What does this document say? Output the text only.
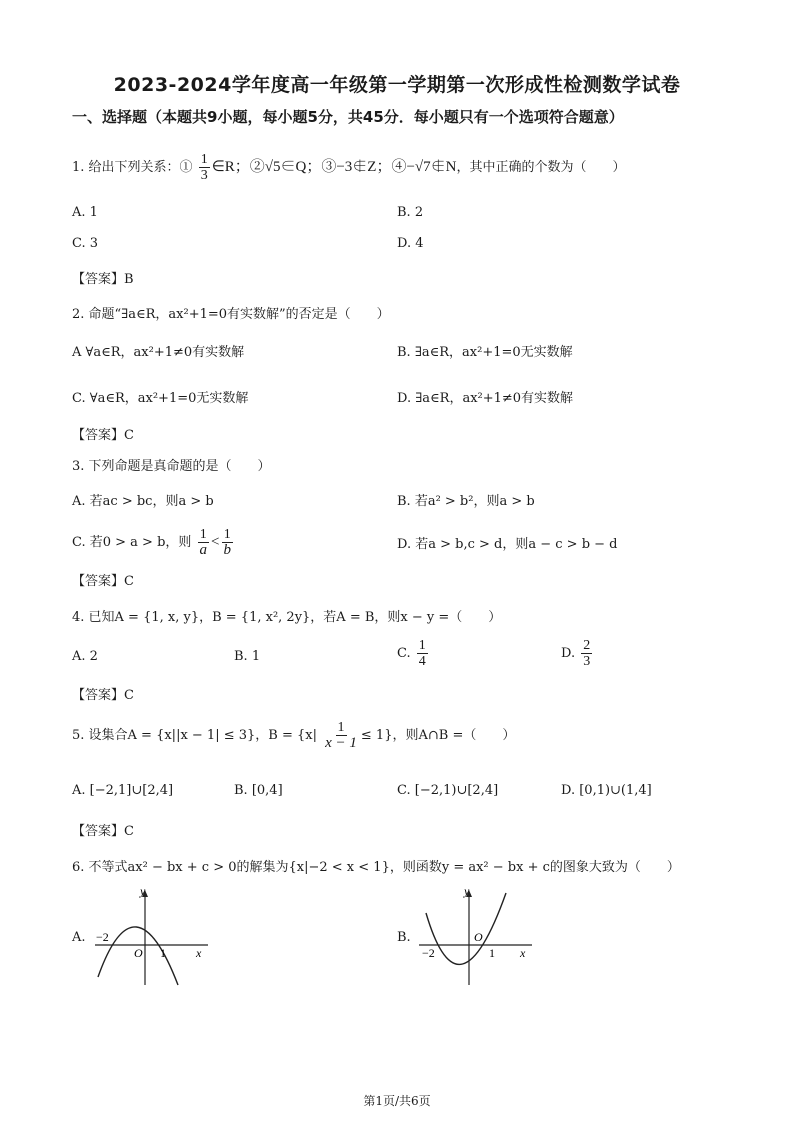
2023-2024学年度高一年级第一学期第一次形成性检测数学试卷
一、选择题（本题共9小题，每小题5分，共45分．每小题只有一个选项符合题意）
1. 给出下列关系：① $\frac{1}{3}$ ∈R；②√5∈Q；③−3∉Z；④−√7∉N，其中正确的个数为（　　）
A. 1	B. 2
C. 3	D. 4
【答案】B
2. 命题“∃a∈R，ax²+1=0有实数解”的否定是（　　）
A ∀a∈R，ax²+1≠0有实数解	B. ∃a∈R，ax²+1=0无实数解
C. ∀a∈R，ax²+1=0无实数解	D. ∃a∈R，ax²+1≠0有实数解
【答案】C
3. 下列命题是真命题的是（　　）
A. 若ac > bc，则a > b	B. 若a² > b²，则a > b
C. 若0 > a > b，则 $\frac{1}{a} < \frac{1}{b}$	D. 若a > b,c > d，则a − c > b − d
【答案】C
4. 已知A = {1, x, y}，B = {1, x², 2y}，若A = B，则x − y =（　　）
A. 2	B. 1	C. $\frac{1}{4}$	D. $\frac{2}{3}$
【答案】C
5. 设集合A = {x||x − 1| ≤ 3}，$B = \{x| \frac{1}{x - 1} \le 1\}$，则A∩B =（　　）
A. [−2,1]∪[2,4]	B. [0,4]	C. [−2,1)∪[2,4]	D. [0,1)∪(1,4]
【答案】C
6. 不等式ax² − bx + c > 0的解集为{x|−2 < x < 1}，则函数y = ax² − bx + c的图象大致为（　　）
A.
y
x
O
−2
1
B.
y
x
O
−2	1
第1页/共6页
